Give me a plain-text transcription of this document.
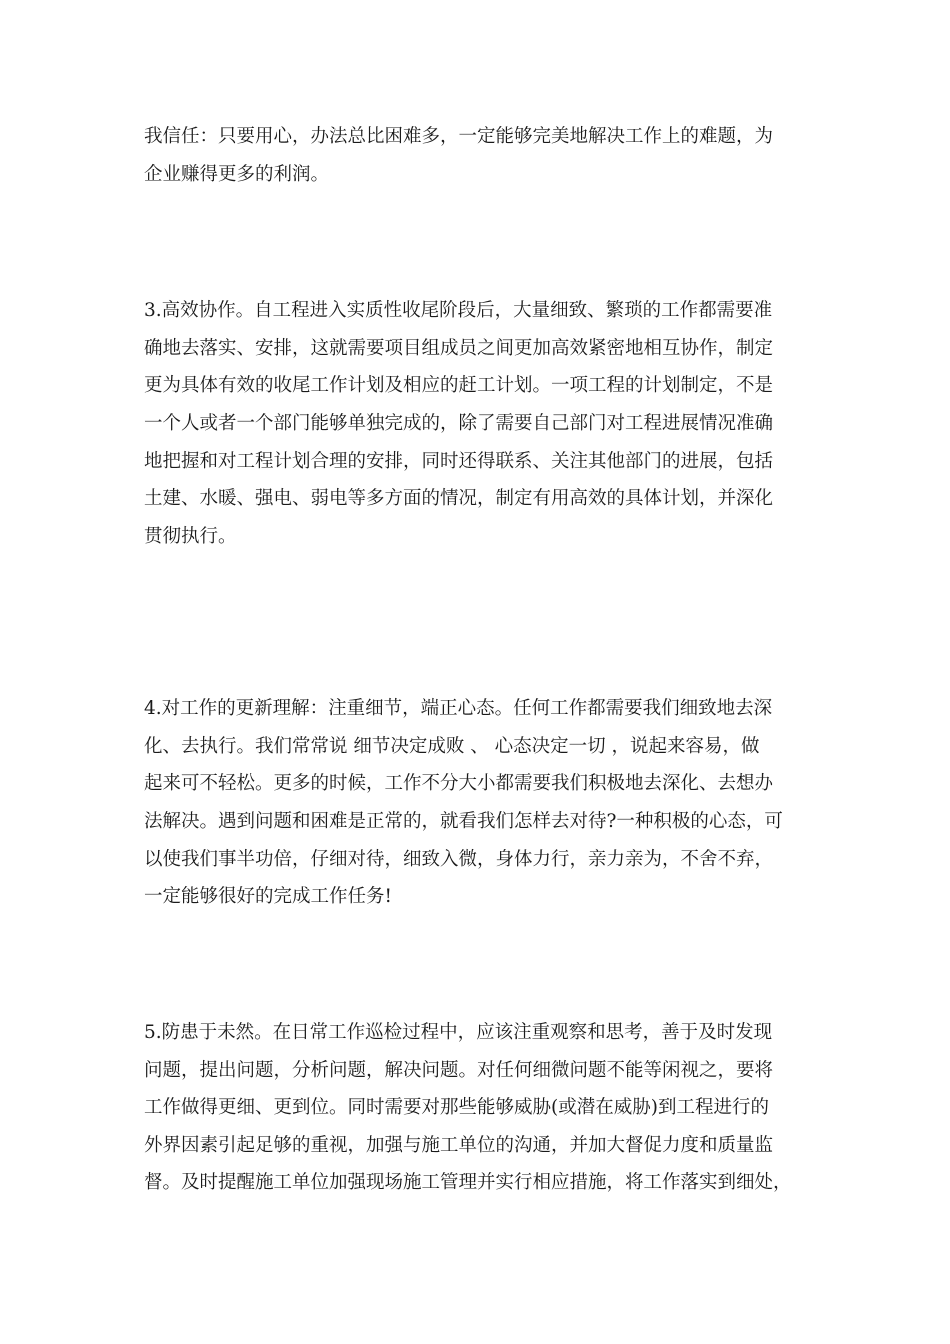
我信任：只要用心，办法总比困难多，一定能够完美地解决工作上的难题，为
企业赚得更多的利润。
3.高效协作。自工程进入实质性收尾阶段后，大量细致、繁琐的工作都需要准
确地去落实、安排，这就需要项目组成员之间更加高效紧密地相互协作，制定
更为具体有效的收尾工作计划及相应的赶工计划。一项工程的计划制定，不是
一个人或者一个部门能够单独完成的，除了需要自己部门对工程进展情况准确
地把握和对工程计划合理的安排，同时还得联系、关注其他部门的进展，包括
土建、水暖、强电、弱电等多方面的情况，制定有用高效的具体计划，并深化
贯彻执行。
4.对工作的更新理解：注重细节，端正心态。任何工作都需要我们细致地去深
化、去执行。我们常常说 细节决定成败 、 心态决定一切 ，说起来容易，做
起来可不轻松。更多的时候，工作不分大小都需要我们积极地去深化、去想办
法解决。遇到问题和困难是正常的，就看我们怎样去对待?一种积极的心态，可
以使我们事半功倍，仔细对待，细致入微，身体力行，亲力亲为，不舍不弃，
一定能够很好的完成工作任务!
5.防患于未然。在日常工作巡检过程中，应该注重观察和思考，善于及时发现
问题，提出问题，分析问题，解决问题。对任何细微问题不能等闲视之，要将
工作做得更细、更到位。同时需要对那些能够威胁(或潜在威胁)到工程进行的
外界因素引起足够的重视，加强与施工单位的沟通，并加大督促力度和质量监
督。及时提醒施工单位加强现场施工管理并实行相应措施，将工作落实到细处，
